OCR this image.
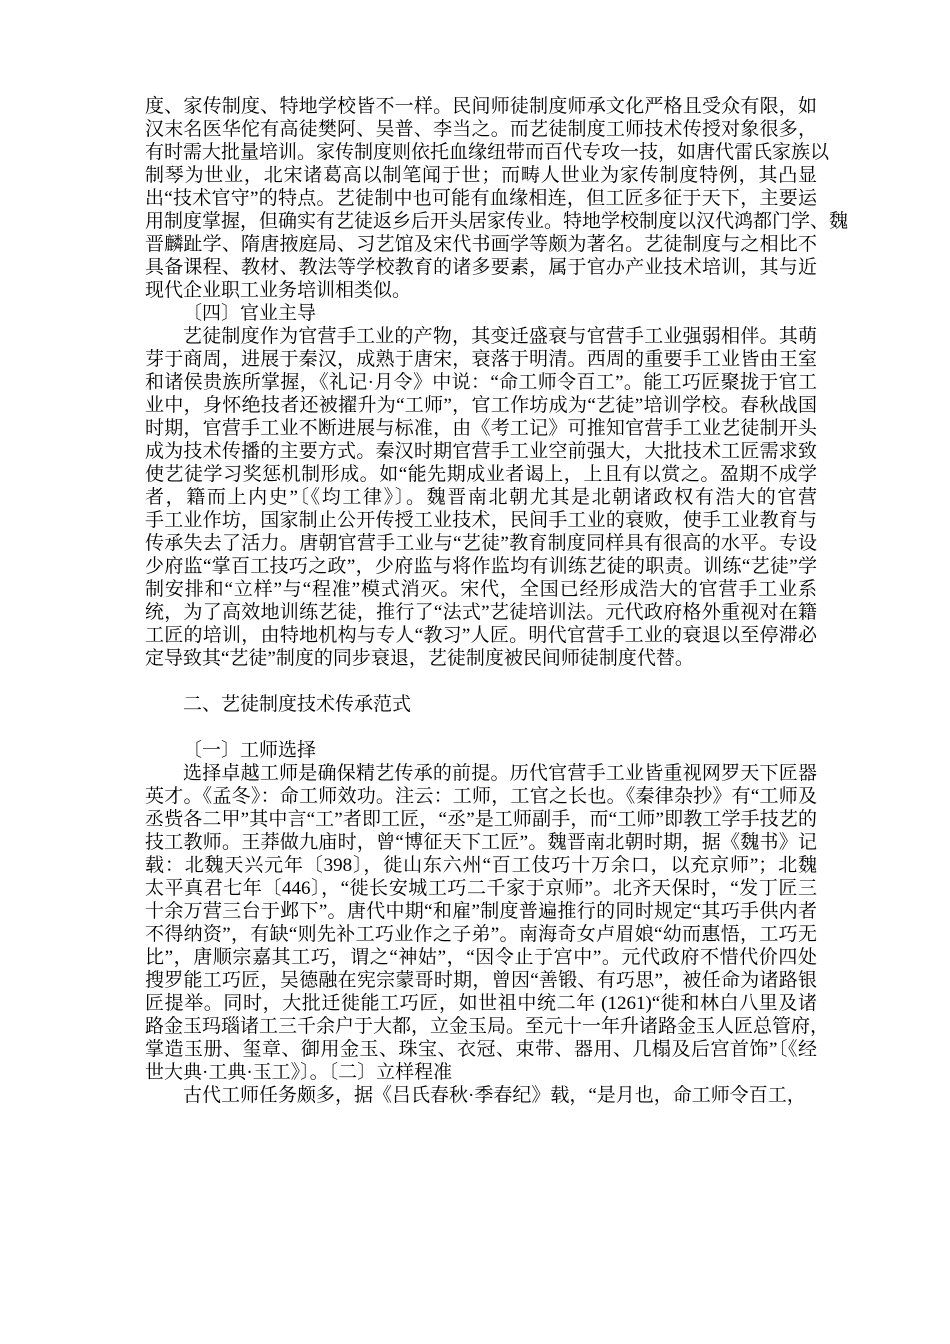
度、家传制度、特地学校皆不一样。民间师徒制度师承文化严格且受众有限，如
汉末名医华佗有高徒樊阿、吴普、李当之。而艺徒制度工师技术传授对象很多，
有时需大批量培训。家传制度则依托血缘纽带而百代专攻一技，如唐代雷氏家族以
制琴为世业，北宋诸葛高以制笔闻于世；而畴人世业为家传制度特例，其凸显
出“技术官守”的特点。艺徒制中也可能有血缘相连，但工匠多征于天下，主要运
用制度掌握，但确实有艺徒返乡后开头居家传业。特地学校制度以汉代鸿都门学、魏
晋麟趾学、隋唐掖庭局、习艺馆及宋代书画学等颇为著名。艺徒制度与之相比不
具备课程、教材、教法等学校教育的诸多要素，属于官办产业技术培训，其与近
现代企业职工业务培训相类似。
〔四〕官业主导
艺徒制度作为官营手工业的产物，其变迁盛衰与官营手工业强弱相伴。其萌
芽于商周，进展于秦汉，成熟于唐宋，衰落于明清。西周的重要手工业皆由王室
和诸侯贵族所掌握，《礼记·月令》中说：“命工师令百工”。能工巧匠聚拢于官工
业中，身怀绝技者还被擢升为“工师”，官工作坊成为“艺徒”培训学校。春秋战国
时期，官营手工业不断进展与标准，由《考工记》可推知官营手工业艺徒制开头
成为技术传播的主要方式。秦汉时期官营手工业空前强大，大批技术工匠需求致
使艺徒学习奖惩机制形成。如“能先期成业者谒上，上且有以赏之。盈期不成学
者，籍而上内史”〔《均工律》〕。魏晋南北朝尤其是北朝诸政权有浩大的官营
手工业作坊，国家制止公开传授工业技术，民间手工业的衰败，使手工业教育与
传承失去了活力。唐朝官营手工业与“艺徒”教育制度同样具有很高的水平。专设
少府监“掌百工技巧之政”，少府监与将作监均有训练艺徒的职责。训练“艺徒”学
制安排和“立样”与“程准”模式消灭。宋代，全国已经形成浩大的官营手工业系
统，为了高效地训练艺徒，推行了“法式”艺徒培训法。元代政府格外重视对在籍
工匠的培训，由特地机构与专人“教习”人匠。明代官营手工业的衰退以至停滞必
定导致其“艺徒”制度的同步衰退，艺徒制度被民间师徒制度代替。
二、艺徒制度技术传承范式
〔一〕工师选择
选择卓越工师是确保精艺传承的前提。历代官营手工业皆重视网罗天下匠器
英才。《孟冬》：命工师效功。注云：工师，工官之长也。《秦律杂抄》有“工师及
丞赀各二甲”其中言“工”者即工匠，“丞”是工师副手，而“工师”即教工学手技艺的
技工教师。王莽做九庙时，曾“博征天下工匠”。魏晋南北朝时期，据《魏书》记
载：北魏天兴元年〔398〕，徙山东六州“百工伎巧十万余口，以充京师”；北魏
太平真君七年〔446〕，“徙长安城工巧二千家于京师”。北齐天保时，“发丁匠三
十余万营三台于邺下”。唐代中期“和雇”制度普遍推行的同时规定“其巧手供内者
不得纳资”，有缺“则先补工巧业作之子弟”。南海奇女卢眉娘“幼而惠悟，工巧无
比”，唐顺宗嘉其工巧，谓之“神姑”，“因令止于宫中”。元代政府不惜代价四处
搜罗能工巧匠，吴德融在宪宗蒙哥时期，曾因“善锻、有巧思”，被任命为诸路银
匠提举。同时，大批迁徙能工巧匠，如世祖中统二年 (1261)“徙和林白八里及诸
路金玉玛瑙诸工三千余户于大都，立金玉局。至元十一年升诸路金玉人匠总管府，
掌造玉册、玺章、御用金玉、珠宝、衣冠、束带、器用、几榻及后宫首饰”〔《经
世大典·工典·玉工》〕。〔二〕立样程准
古代工师任务颇多，据《吕氏春秋·季春纪》载，“是月也，命工师令百工，
